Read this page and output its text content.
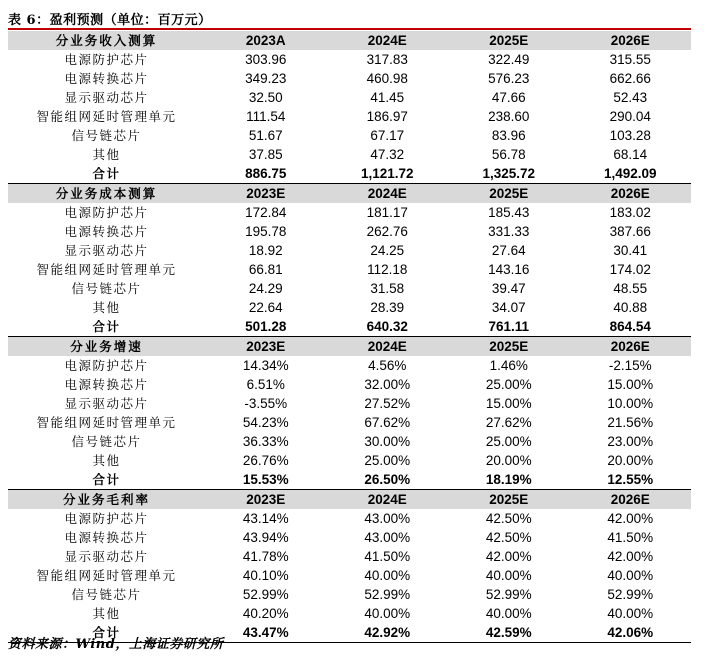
表 6：盈利预测（单位：百万元）
分业务收入测算	2023A	2024E	2025E	2026E
电源防护芯片	303.96	317.83	322.49	315.55
电源转换芯片	349.23	460.98	576.23	662.66
显示驱动芯片	32.50	41.45	47.66	52.43
智能组网延时管理单元	111.54	186.97	238.60	290.04
信号链芯片	51.67	67.17	83.96	103.28
其他	37.85	47.32	56.78	68.14
合计	886.75	1,121.72	1,325.72	1,492.09
分业务成本测算	2023E	2024E	2025E	2026E
电源防护芯片	172.84	181.17	185.43	183.02
电源转换芯片	195.78	262.76	331.33	387.66
显示驱动芯片	18.92	24.25	27.64	30.41
智能组网延时管理单元	66.81	112.18	143.16	174.02
信号链芯片	24.29	31.58	39.47	48.55
其他	22.64	28.39	34.07	40.88
合计	501.28	640.32	761.11	864.54
分业务增速	2023E	2024E	2025E	2026E
电源防护芯片	14.34%	4.56%	1.46%	-2.15%
电源转换芯片	6.51%	32.00%	25.00%	15.00%
显示驱动芯片	-3.55%	27.52%	15.00%	10.00%
智能组网延时管理单元	54.23%	67.62%	27.62%	21.56%
信号链芯片	36.33%	30.00%	25.00%	23.00%
其他	26.76%	25.00%	20.00%	20.00%
合计	15.53%	26.50%	18.19%	12.55%
分业务毛利率	2023E	2024E	2025E	2026E
电源防护芯片	43.14%	43.00%	42.50%	42.00%
电源转换芯片	43.94%	43.00%	42.50%	41.50%
显示驱动芯片	41.78%	41.50%	42.00%	42.00%
智能组网延时管理单元	40.10%	40.00%	40.00%	40.00%
信号链芯片	52.99%	52.99%	52.99%	52.99%
其他	40.20%	40.00%	40.00%	40.00%
合计	43.47%	42.92%	42.59%	42.06%
资料来源：Wind，上海证券研究所
